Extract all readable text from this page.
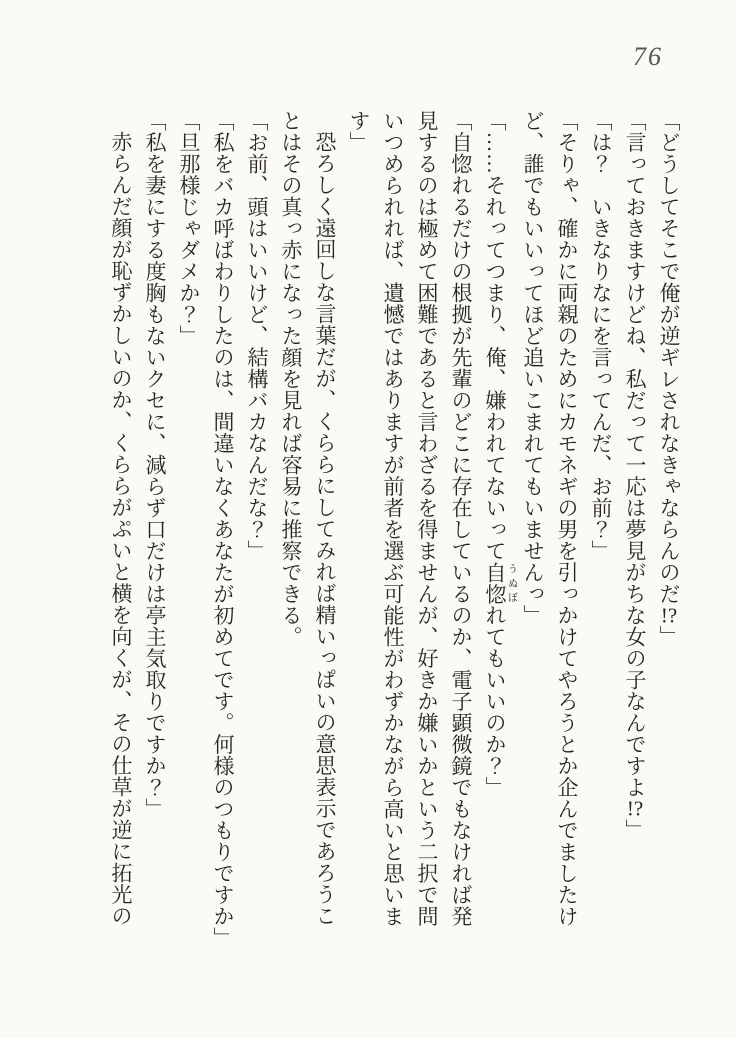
76
「どうしてそこで俺が逆ギレされなきゃならんのだ!?」
「言っておきますけどね、私だって一応は夢見がちな女の子なんですよ!?」
「は？　いきなりなにを言ってんだ、お前？」
「そりゃ、確かに両親のためにカモネギの男を引っかけてやろうとか企んでましたけ
ど、誰でもいいってほど追いこまれてもいませんっ」
「……それってつまり、俺、嫌われてないって自惚うぬぼれてもいいのか？」
「自惚れるだけの根拠が先輩のどこに存在しているのか、電子顕微鏡でもなければ発
見するのは極めて困難であると言わざるを得ませんが、好きか嫌いかという二択で問
いつめられれば、遺憾ではありますが前者を選ぶ可能性がわずかながら高いと思いま
す」
恐ろしく遠回しな言葉だが、くららにしてみれば精いっぱいの意思表示であろうこ
とはその真っ赤になった顔を見れば容易に推察できる。
「お前、頭はいいけど、結構バカなんだな？」
「私をバカ呼ばわりしたのは、間違いなくあなたが初めてです。何様のつもりですか」
「旦那様じゃダメか？」
「私を妻にする度胸もないクセに、減らず口だけは亭主気取りですか？」
赤らんだ顔が恥ずかしいのか、くららがぷいと横を向くが、その仕草が逆に拓光の
